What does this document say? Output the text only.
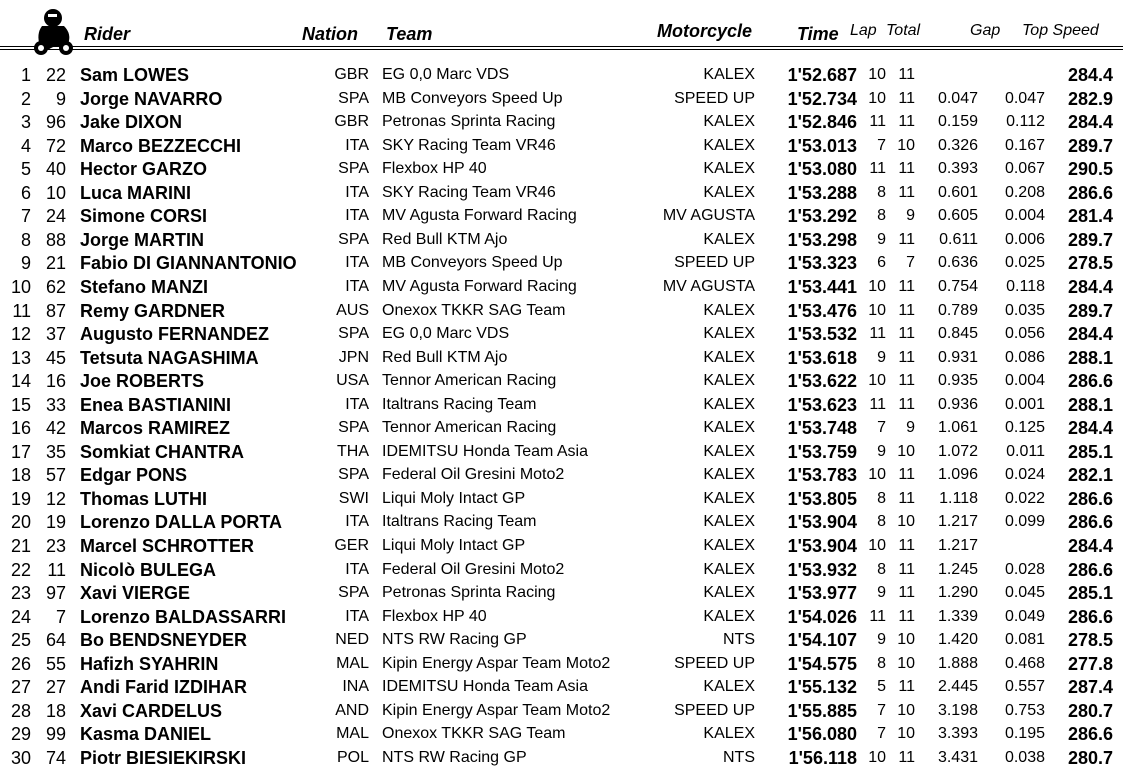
Rider	Nation Team	Motorcycle Time Lap Total	Gap Top Speed
1 22 Sam LOWES	GBR EG 0,0 Marc VDS	KALEX 1'52.687 10 11	284.4
2 9 Jorge NAVARRO	SPA MB Conveyors Speed Up	SPEED UP 1'52.734 10 11 0.047 0.047 282.9
3 96 Jake DIXON	GBR Petronas Sprinta Racing	KALEX 1'52.846 11 11 0.159 0.112 284.4
4 72 Marco BEZZECCHI	ITA SKY Racing Team VR46	KALEX 1'53.013 7 10 0.326 0.167 289.7
5 40 Hector GARZO	SPA Flexbox HP 40	KALEX 1'53.080 11 11 0.393 0.067 290.5
6 10 Luca MARINI	ITA SKY Racing Team VR46	KALEX 1'53.288 8 11 0.601 0.208 286.6
7 24 Simone CORSI	ITA MV Agusta Forward Racing	MV AGUSTA 1'53.292 8 9 0.605 0.004 281.4
8 88 Jorge MARTIN	SPA Red Bull KTM Ajo	KALEX 1'53.298 9 11 0.611 0.006 289.7
9 21 Fabio DI GIANNANTONIO	ITA MB Conveyors Speed Up	SPEED UP 1'53.323 6 7 0.636 0.025 278.5
10 62 Stefano MANZI	ITA MV Agusta Forward Racing	MV AGUSTA 1'53.441 10 11 0.754 0.118 284.4
11 87 Remy GARDNER	AUS Onexox TKKR SAG Team	KALEX 1'53.476 10 11 0.789 0.035 289.7
12 37 Augusto FERNANDEZ	SPA EG 0,0 Marc VDS	KALEX 1'53.532 11 11 0.845 0.056 284.4
13 45 Tetsuta NAGASHIMA	JPN Red Bull KTM Ajo	KALEX 1'53.618 9 11 0.931 0.086 288.1
14 16 Joe ROBERTS	USA Tennor American Racing	KALEX 1'53.622 10 11 0.935 0.004 286.6
15 33 Enea BASTIANINI	ITA Italtrans Racing Team	KALEX 1'53.623 11 11 0.936 0.001 288.1
16 42 Marcos RAMIREZ	SPA Tennor American Racing	KALEX 1'53.748 7 9 1.061 0.125 284.4
17 35 Somkiat CHANTRA	THA IDEMITSU Honda Team Asia	KALEX 1'53.759 9 10 1.072 0.011 285.1
18 57 Edgar PONS	SPA Federal Oil Gresini Moto2	KALEX 1'53.783 10 11 1.096 0.024 282.1
19 12 Thomas LUTHI	SWI Liqui Moly Intact GP	KALEX 1'53.805 8 11 1.118 0.022 286.6
20 19 Lorenzo DALLA PORTA	ITA Italtrans Racing Team	KALEX 1'53.904 8 10 1.217 0.099 286.6
21 23 Marcel SCHROTTER	GER Liqui Moly Intact GP	KALEX 1'53.904 10 11 1.217	284.4
22 11 Nicolò BULEGA	ITA Federal Oil Gresini Moto2	KALEX 1'53.932 8 11 1.245 0.028 286.6
23 97 Xavi VIERGE	SPA Petronas Sprinta Racing	KALEX 1'53.977 9 11 1.290 0.045 285.1
24 7 Lorenzo BALDASSARRI	ITA Flexbox HP 40	KALEX 1'54.026 11 11 1.339 0.049 286.6
25 64 Bo BENDSNEYDER	NED NTS RW Racing GP	NTS 1'54.107 9 10 1.420 0.081 278.5
26 55 Hafizh SYAHRIN	MAL Kipin Energy Aspar Team Moto2	SPEED UP 1'54.575 8 10 1.888 0.468 277.8
27 27 Andi Farid IZDIHAR	INA IDEMITSU Honda Team Asia	KALEX 1'55.132 5 11 2.445 0.557 287.4
28 18 Xavi CARDELUS	AND Kipin Energy Aspar Team Moto2	SPEED UP 1'55.885 7 10 3.198 0.753 280.7
29 99 Kasma DANIEL	MAL Onexox TKKR SAG Team	KALEX 1'56.080 7 10 3.393 0.195 286.6
30 74 Piotr BIESIEKIRSKI	POL NTS RW Racing GP	NTS 1'56.118 10 11 3.431 0.038 280.7
